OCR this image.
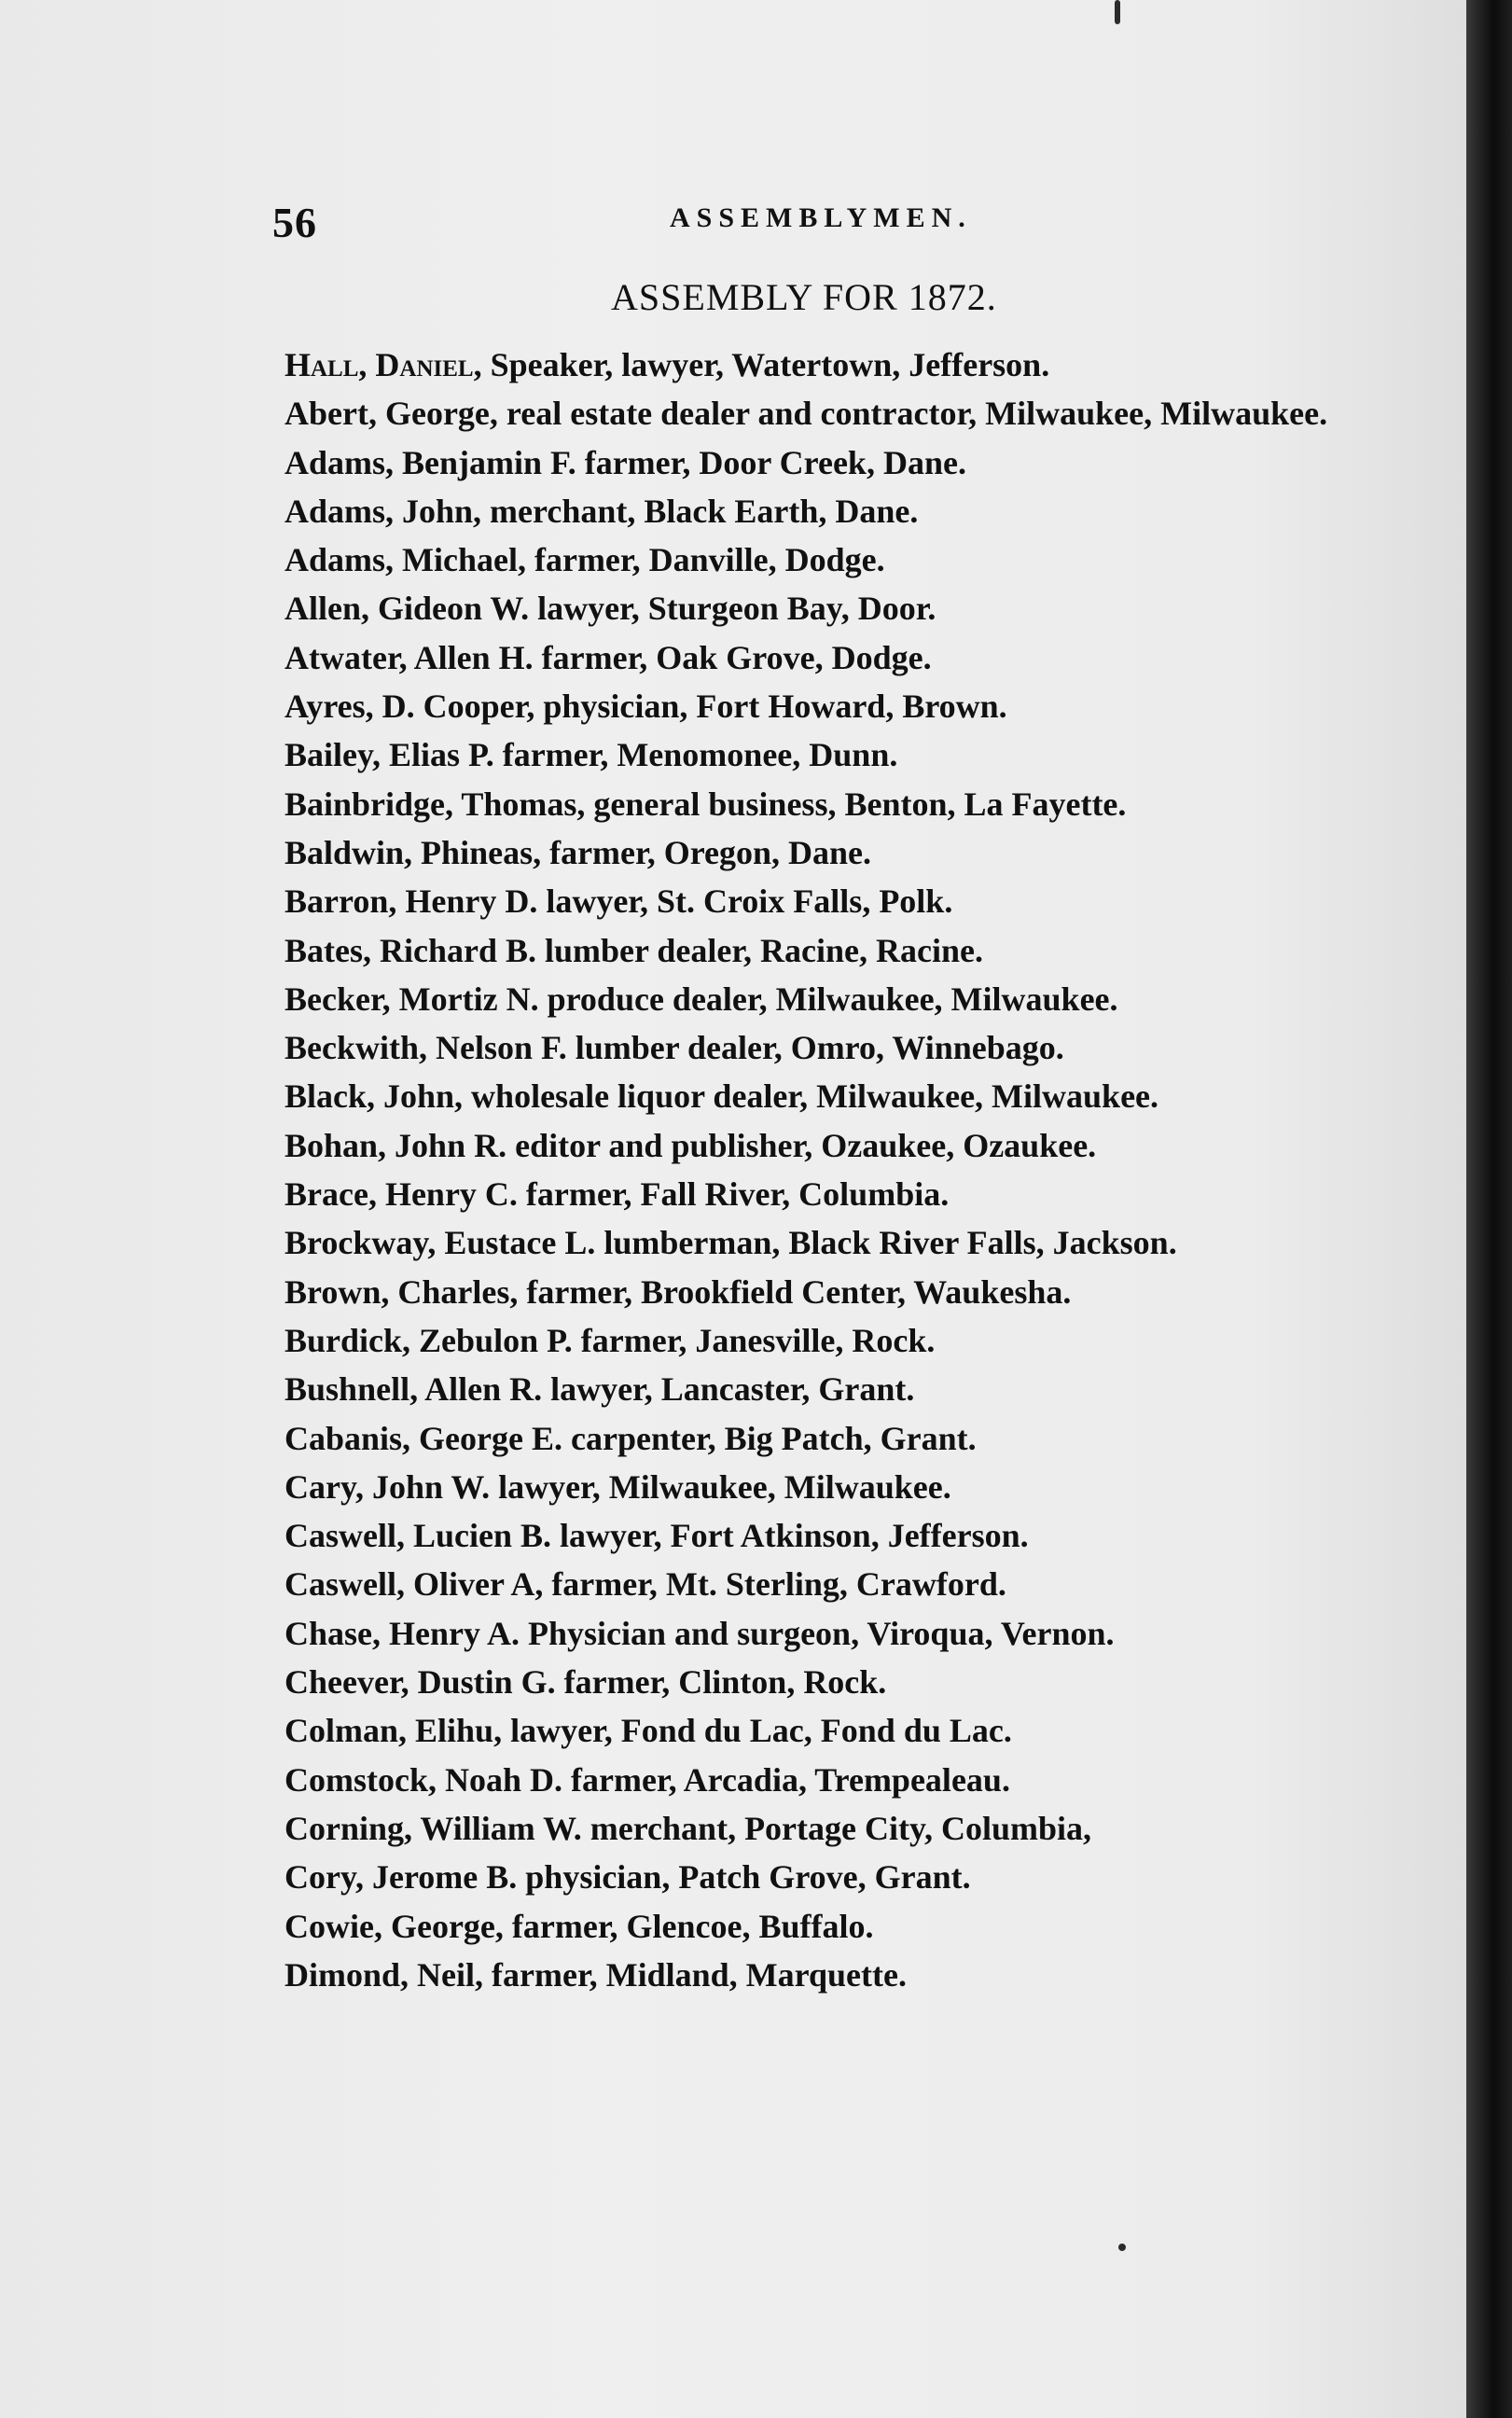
56	ASSEMBLYMEN.
ASSEMBLY FOR 1872.
Hall, Daniel, Speaker, lawyer, Watertown, Jefferson.
Abert, George, real estate dealer and contractor, Milwaukee, Milwaukee.
Adams, Benjamin F. farmer, Door Creek, Dane.
Adams, John, merchant, Black Earth, Dane.
Adams, Michael, farmer, Danville, Dodge.
Allen, Gideon W. lawyer, Sturgeon Bay, Door.
Atwater, Allen H. farmer, Oak Grove, Dodge.
Ayres, D. Cooper, physician, Fort Howard, Brown.
Bailey, Elias P. farmer, Menomonee, Dunn.
Bainbridge, Thomas, general business, Benton, La Fayette.
Baldwin, Phineas, farmer, Oregon, Dane.
Barron, Henry D. lawyer, St. Croix Falls, Polk.
Bates, Richard B. lumber dealer, Racine, Racine.
Becker, Mortiz N. produce dealer, Milwaukee, Milwaukee.
Beckwith, Nelson F. lumber dealer, Omro, Winnebago.
Black, John, wholesale liquor dealer, Milwaukee, Milwaukee.
Bohan, John R. editor and publisher, Ozaukee, Ozaukee.
Brace, Henry C. farmer, Fall River, Columbia.
Brockway, Eustace L. lumberman, Black River Falls, Jackson.
Brown, Charles, farmer, Brookfield Center, Waukesha.
Burdick, Zebulon P. farmer, Janesville, Rock.
Bushnell, Allen R. lawyer, Lancaster, Grant.
Cabanis, George E. carpenter, Big Patch, Grant.
Cary, John W. lawyer, Milwaukee, Milwaukee.
Caswell, Lucien B. lawyer, Fort Atkinson, Jefferson.
Caswell, Oliver A, farmer, Mt. Sterling, Crawford.
Chase, Henry A. Physician and surgeon, Viroqua, Vernon.
Cheever, Dustin G. farmer, Clinton, Rock.
Colman, Elihu, lawyer, Fond du Lac, Fond du Lac.
Comstock, Noah D. farmer, Arcadia, Trempealeau.
Corning, William W. merchant, Portage City, Columbia,
Cory, Jerome B. physician, Patch Grove, Grant.
Cowie, George, farmer, Glencoe, Buffalo.
Dimond, Neil, farmer, Midland, Marquette.
